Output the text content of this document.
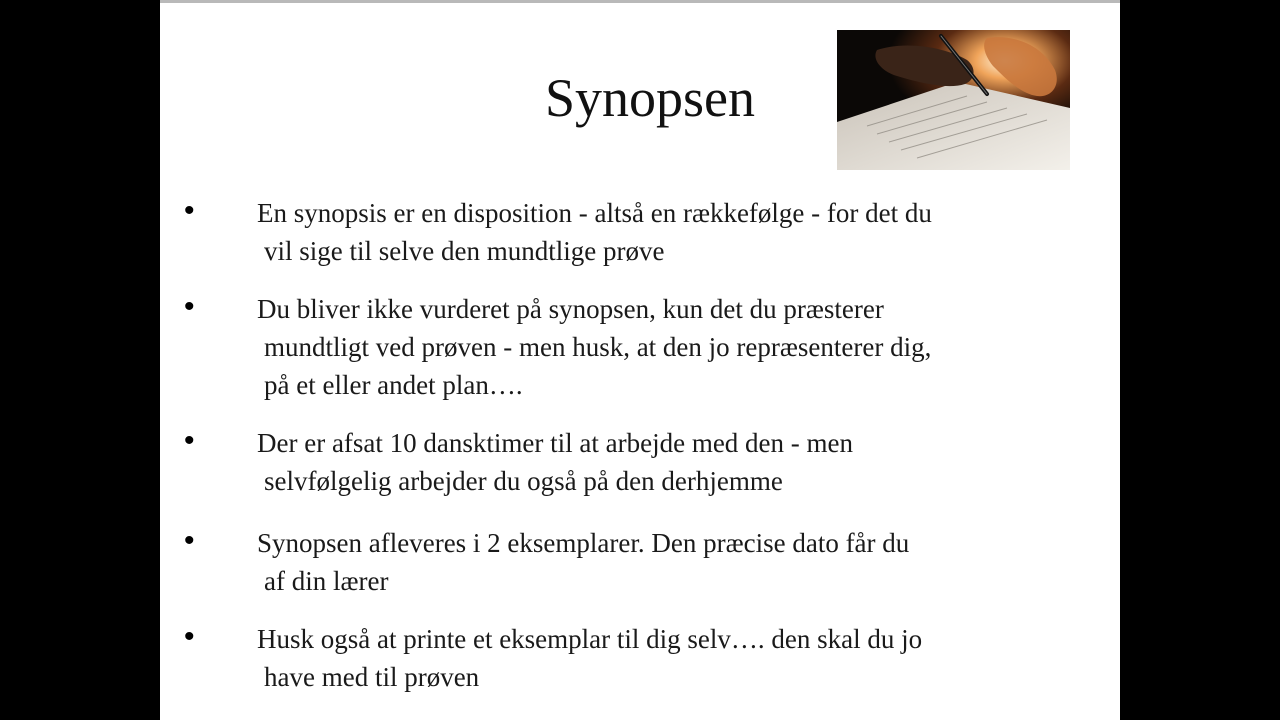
Synopsen
• En synopsis er en disposition - altså en rækkefølge - for det du
vil sige til selve den mundtlige prøve
• Du bliver ikke vurderet på synopsen, kun det du præsterer
mundtligt ved prøven - men husk, at den jo repræsenterer dig,
på et eller andet plan….
• Der er afsat 10 dansktimer til at arbejde med den - men
selvfølgelig arbejder du også på den derhjemme
• Synopsen afleveres i 2 eksemplarer. Den præcise dato får du
af din lærer
• Husk også at printe et eksemplar til dig selv…. den skal du jo
have med til prøven
